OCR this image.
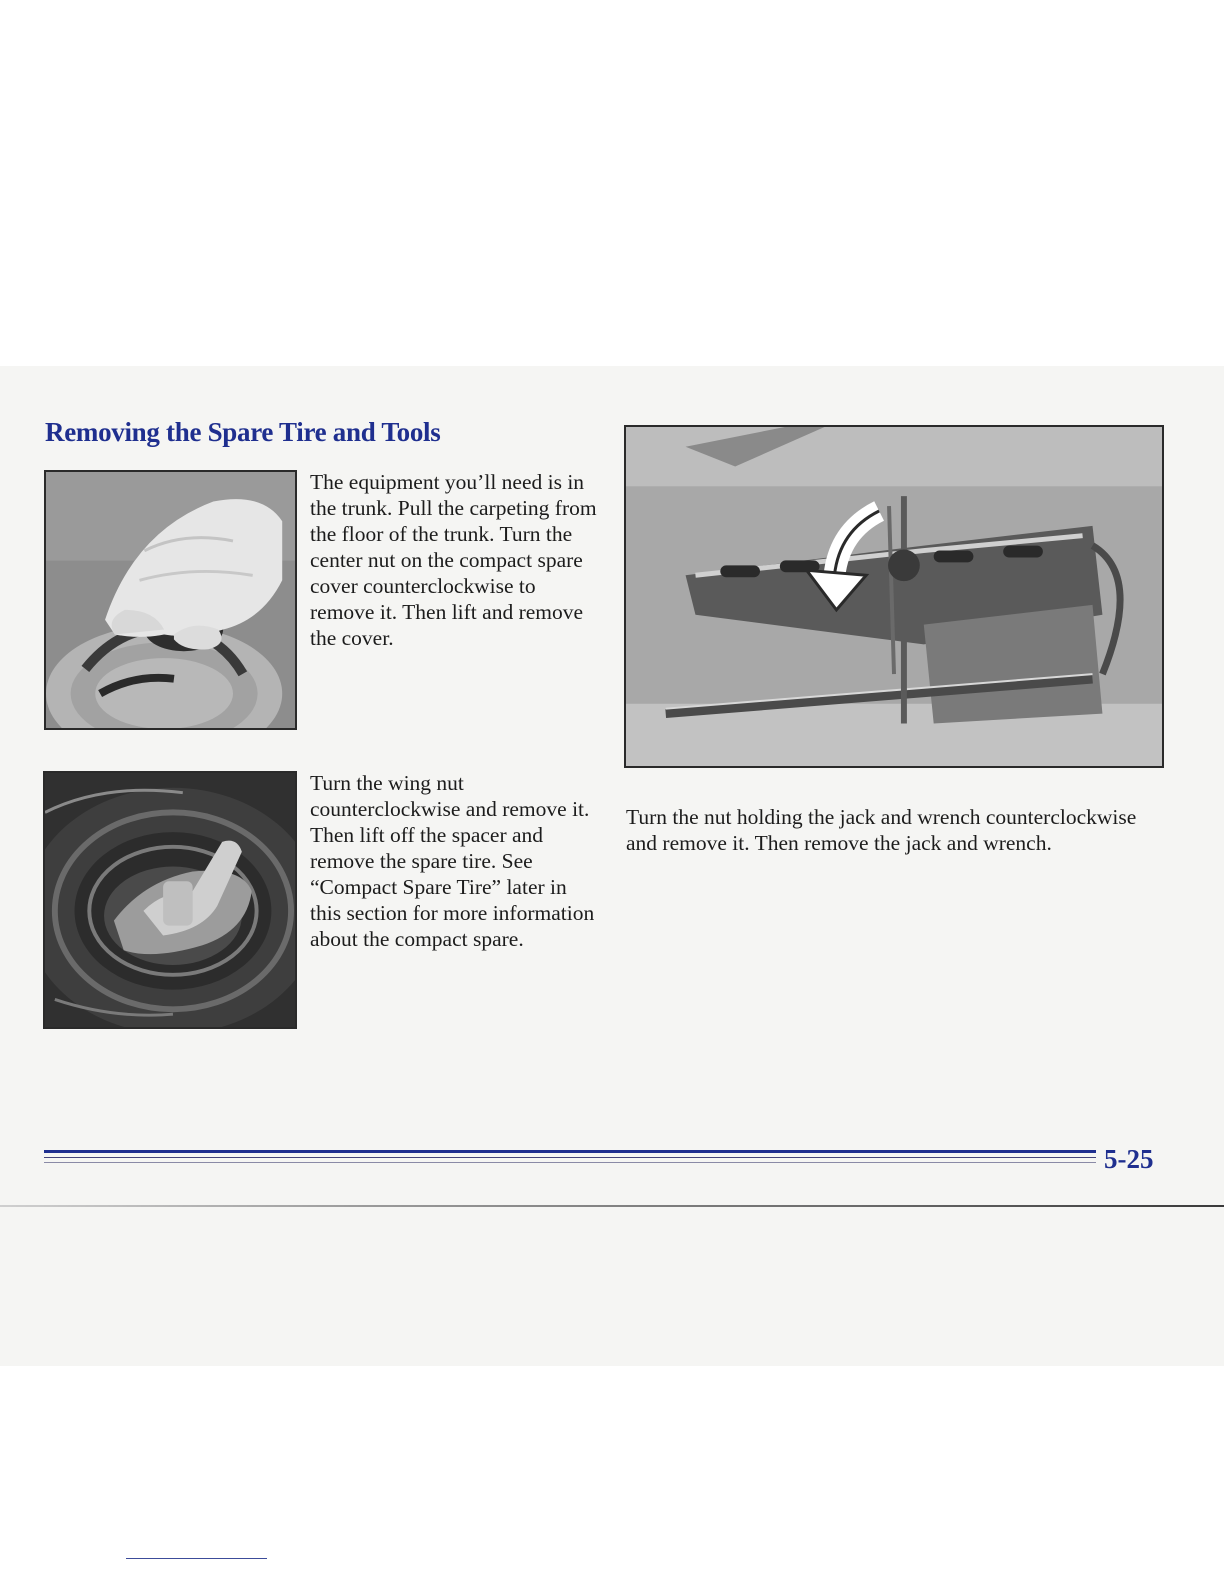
Removing the Spare Tire and Tools

The equipment you’ll need is in the trunk. Pull the carpeting from the floor of the trunk. Turn the center nut on the compact spare cover counterclockwise to remove it. Then lift and remove the cover.

Turn the wing nut counterclockwise and remove it. Then lift off the spacer and remove the spare tire. See “Compact Spare Tire” later in this section for more information about the compact spare.

Turn the nut holding the jack and wrench counterclockwise and remove it. Then remove the jack and wrench.

5-25
